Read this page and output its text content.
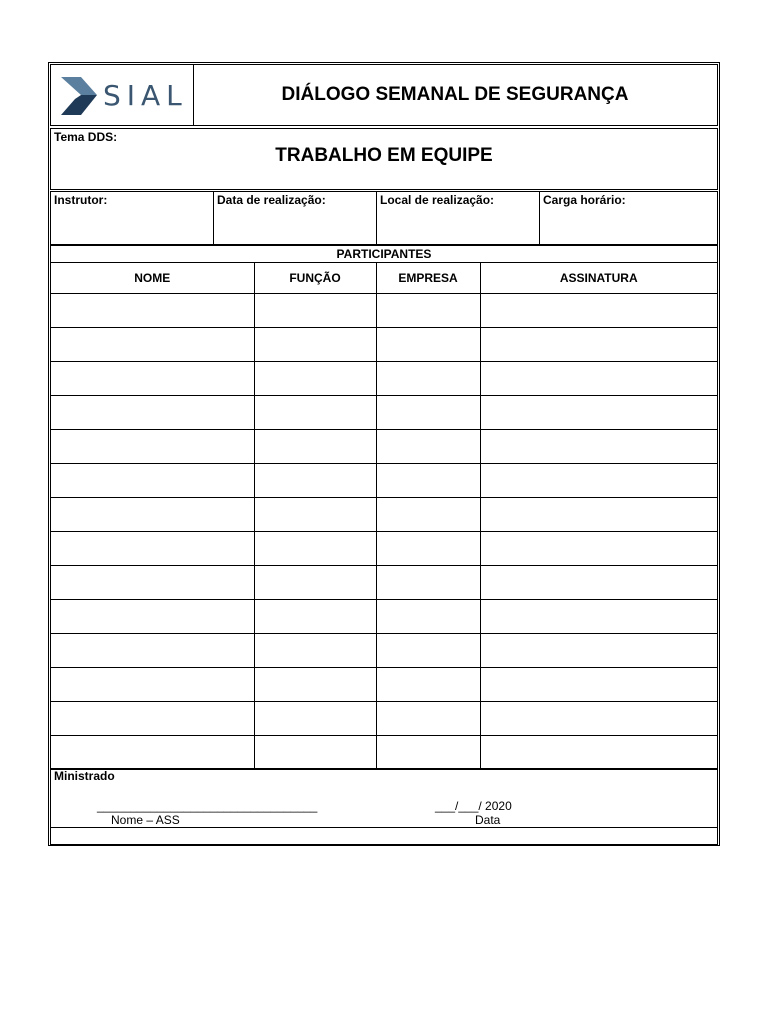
SIAL	DIÁLOGO SEMANAL DE SEGURANÇA
Tema DDS:
TRABALHO EM EQUIPE
Instrutor:	Data de realização:	Local de realização:	Carga horário:
PARTICIPANTES
NOME	FUNÇÃO	EMPRESA	ASSINATURA

Ministrado
_________________________________
Nome – ASS
___/___/ 2020
Data
